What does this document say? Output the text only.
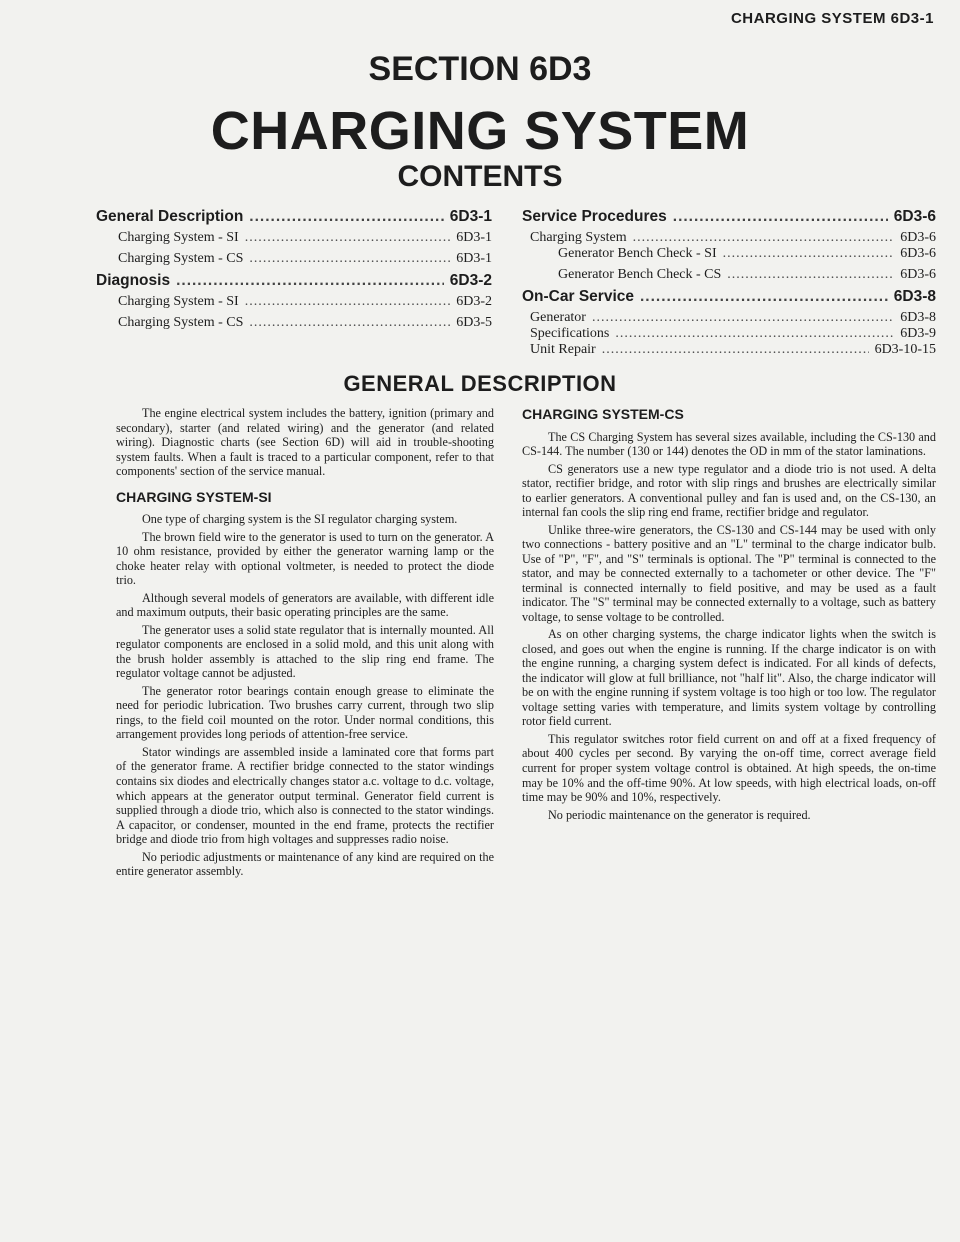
CHARGING SYSTEM 6D3-1
SECTION 6D3
CHARGING SYSTEM
CONTENTS
General Description .....	6D3-1
Charging System - SI .....	6D3-1
Charging System - CS .....	6D3-1
Diagnosis .....	6D3-2
Charging System - SI .....	6D3-2
Charging System - CS .....	6D3-5
Service Procedures .....	6D3-6
Charging System .....	6D3-6
Generator Bench Check - SI .....	6D3-6
Generator Bench Check - CS .....	6D3-6
On-Car Service .....	6D3-8
Generator .....	6D3-8
Specifications .....	6D3-9
Unit Repair .....	6D3-10-15
GENERAL DESCRIPTION

The engine electrical system includes the battery, ignition (primary and secondary), starter (and related wiring) and the generator (and related wiring). Diagnostic charts (see Section 6D) will aid in trouble-shooting system faults. When a fault is traced to a particular component, refer to that components' section of the service manual.

CHARGING SYSTEM-SI

One type of charging system is the SI regulator charging system.

The brown field wire to the generator is used to turn on the generator. A 10 ohm resistance, provided by either the generator warning lamp or the choke heater relay with optional voltmeter, is needed to protect the diode trio.

Although several models of generators are available, with different idle and maximum outputs, their basic operating principles are the same.

The generator uses a solid state regulator that is internally mounted. All regulator components are enclosed in a solid mold, and this unit along with the brush holder assembly is attached to the slip ring end frame. The regulator voltage cannot be adjusted.

The generator rotor bearings contain enough grease to eliminate the need for periodic lubrication. Two brushes carry current, through two slip rings, to the field coil mounted on the rotor. Under normal conditions, this arrangement provides long periods of attention-free service.

Stator windings are assembled inside a laminated core that forms part of the generator frame. A rectifier bridge connected to the stator windings contains six diodes and electrically changes stator a.c. voltage to d.c. voltage, which appears at the generator output terminal. Generator field current is supplied through a diode trio, which also is connected to the stator windings. A capacitor, or condenser, mounted in the end frame, protects the rectifier bridge and diode trio from high voltages and suppresses radio noise.

No periodic adjustments or maintenance of any kind are required on the entire generator assembly.

CHARGING SYSTEM-CS

The CS Charging System has several sizes available, including the CS-130 and CS-144. The number (130 or 144) denotes the OD in mm of the stator laminations.

CS generators use a new type regulator and a diode trio is not used. A delta stator, rectifier bridge, and rotor with slip rings and brushes are electrically similar to earlier generators. A conventional pulley and fan is used and, on the CS-130, an internal fan cools the slip ring end frame, rectifier bridge and regulator.

Unlike three-wire generators, the CS-130 and CS-144 may be used with only two connections - battery positive and an "L" terminal to the charge indicator bulb. Use of "P", "F", and "S" terminals is optional. The "P" terminal is connected to the stator, and may be connected externally to a tachometer or other device. The "F" terminal is connected internally to field positive, and may be used as a fault indicator. The "S" terminal may be connected externally to a voltage, such as battery voltage, to sense voltage to be controlled.

As on other charging systems, the charge indicator lights when the switch is closed, and goes out when the engine is running. If the charge indicator is on with the engine running, a charging system defect is indicated. For all kinds of defects, the indicator will glow at full brilliance, not "half lit". Also, the charge indicator will be on with the engine running if system voltage is too high or too low. The regulator voltage setting varies with temperature, and limits system voltage by controlling rotor field current.

This regulator switches rotor field current on and off at a fixed frequency of about 400 cycles per second. By varying the on-off time, correct average field current for proper system voltage control is obtained. At high speeds, the on-time may be 10% and the off-time 90%. At low speeds, with high electrical loads, on-off time may be 90% and 10%, respectively.

No periodic maintenance on the generator is required.
